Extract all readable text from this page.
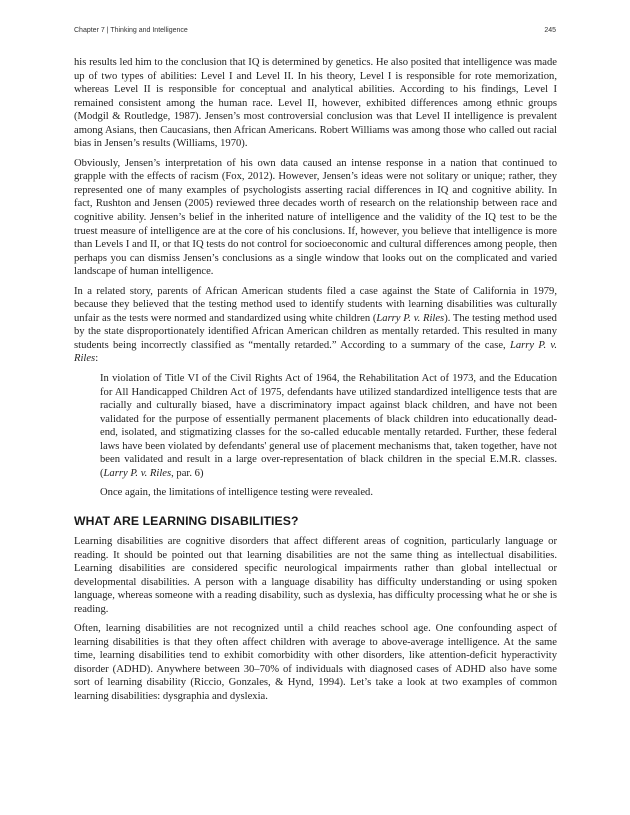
Chapter 7 | Thinking and Intelligence	245

his results led him to the conclusion that IQ is determined by genetics. He also posited that intelligence was made up of two types of abilities: Level I and Level II. In his theory, Level I is responsible for rote memorization, whereas Level II is responsible for conceptual and analytical abilities. According to his findings, Level I remained consistent among the human race. Level II, however, exhibited differences among ethnic groups (Modgil & Routledge, 1987). Jensen’s most controversial conclusion was that Level II intelligence is prevalent among Asians, then Caucasians, then African Americans. Robert Williams was among those who called out racial bias in Jensen’s results (Williams, 1970).

Obviously, Jensen’s interpretation of his own data caused an intense response in a nation that continued to grapple with the effects of racism (Fox, 2012). However, Jensen’s ideas were not solitary or unique; rather, they represented one of many examples of psychologists asserting racial differences in IQ and cognitive ability. In fact, Rushton and Jensen (2005) reviewed three decades worth of research on the relationship between race and cognitive ability. Jensen’s belief in the inherited nature of intelligence and the validity of the IQ test to be the truest measure of intelligence are at the core of his conclusions. If, however, you believe that intelligence is more than Levels I and II, or that IQ tests do not control for socioeconomic and cultural differences among people, then perhaps you can dismiss Jensen’s conclusions as a single window that looks out on the complicated and varied landscape of human intelligence.

In a related story, parents of African American students filed a case against the State of California in 1979, because they believed that the testing method used to identify students with learning disabilities was culturally unfair as the tests were normed and standardized using white children (Larry P. v. Riles). The testing method used by the state disproportionately identified African American children as mentally retarded. This resulted in many students being incorrectly classified as “mentally retarded.” According to a summary of the case, Larry P. v. Riles:

In violation of Title VI of the Civil Rights Act of 1964, the Rehabilitation Act of 1973, and the Education for All Handicapped Children Act of 1975, defendants have utilized standardized intelligence tests that are racially and culturally biased, have a discriminatory impact against black children, and have not been validated for the purpose of essentially permanent placements of black children into educationally dead-end, isolated, and stigmatizing classes for the so-called educable mentally retarded. Further, these federal laws have been violated by defendants' general use of placement mechanisms that, taken together, have not been validated and result in a large over-representation of black children in the special E.M.R. classes. (Larry P. v. Riles, par. 6)

Once again, the limitations of intelligence testing were revealed.

WHAT ARE LEARNING DISABILITIES?

Learning disabilities are cognitive disorders that affect different areas of cognition, particularly language or reading. It should be pointed out that learning disabilities are not the same thing as intellectual disabilities. Learning disabilities are considered specific neurological impairments rather than global intellectual or developmental disabilities. A person with a language disability has difficulty understanding or using spoken language, whereas someone with a reading disability, such as dyslexia, has difficulty processing what he or she is reading.

Often, learning disabilities are not recognized until a child reaches school age. One confounding aspect of learning disabilities is that they often affect children with average to above-average intelligence. At the same time, learning disabilities tend to exhibit comorbidity with other disorders, like attention-deficit hyperactivity disorder (ADHD). Anywhere between 30–70% of individuals with diagnosed cases of ADHD also have some sort of learning disability (Riccio, Gonzales, & Hynd, 1994). Let’s take a look at two examples of common learning disabilities: dysgraphia and dyslexia.
